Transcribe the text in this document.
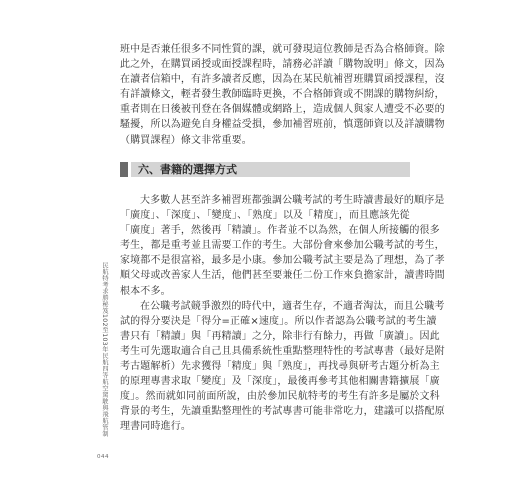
班中是否兼任很多不同性質的課，就可發現這位教師是否為合格師資。除
此之外，在購買函授或面授課程時，請務必詳讀「購物說明」條文，因為
在讀者信箱中，有許多讀者反應，因為在某民航補習班購買函授課程，沒
有詳讀條文，輕者發生教師臨時更換，不合格師資或不開課的購物糾紛，
重者則在日後被刊登在各個媒體或網路上，造成個人與家人遭受不必要的
騷擾，所以為避免自身權益受損，參加補習班前，慎選師資以及詳讀購物
（購買課程）條文非常重要。

六、書籍的選擇方式

大多數人甚至許多補習班都強調公職考試的考生時讀書最好的順序是
「廣度」、「深度」、「變度」、「熟度」以及「精度」，而且應該先從
「廣度」著手，然後再「精讀」。作者並不以為然，在個人所接觸的很多
考生，都是重考並且需要工作的考生。大部份會來參加公職考試的考生，
家境都不是很富裕，最多是小康。參加公職考試主要是為了理想，為了孝
順父母或改善家人生活，他們甚至要兼任二份工作來負擔家計，讀書時間
根本不多。

在公職考試競爭激烈的時代中，適者生存，不適者淘汰，而且公職考
試的得分要決是「得分=正確×速度」。所以作者認為公職考試的考生讀
書只有「精讀」與「再精讀」之分，除非行有餘力，再做「廣讀」。因此
考生可先選取適合自己且具備系統性重點整理特性的考試專書（最好是附
考古題解析）先求獲得「精度」與「熟度」，再找尋與研考古題分析為主
的原理專書求取「變度」及「深度」，最後再參考其他相關書籍擴展「廣
度」。然而就如同前面所說，由於參加民航特考的考生有許多是屬於文科
背景的考生，先讀重點整理性的考試專書可能非常吃力，建議可以搭配原
理書同時進行。

民航特考求勝秘笈102至103年民航四等航空駕駛與飛航管制
044
